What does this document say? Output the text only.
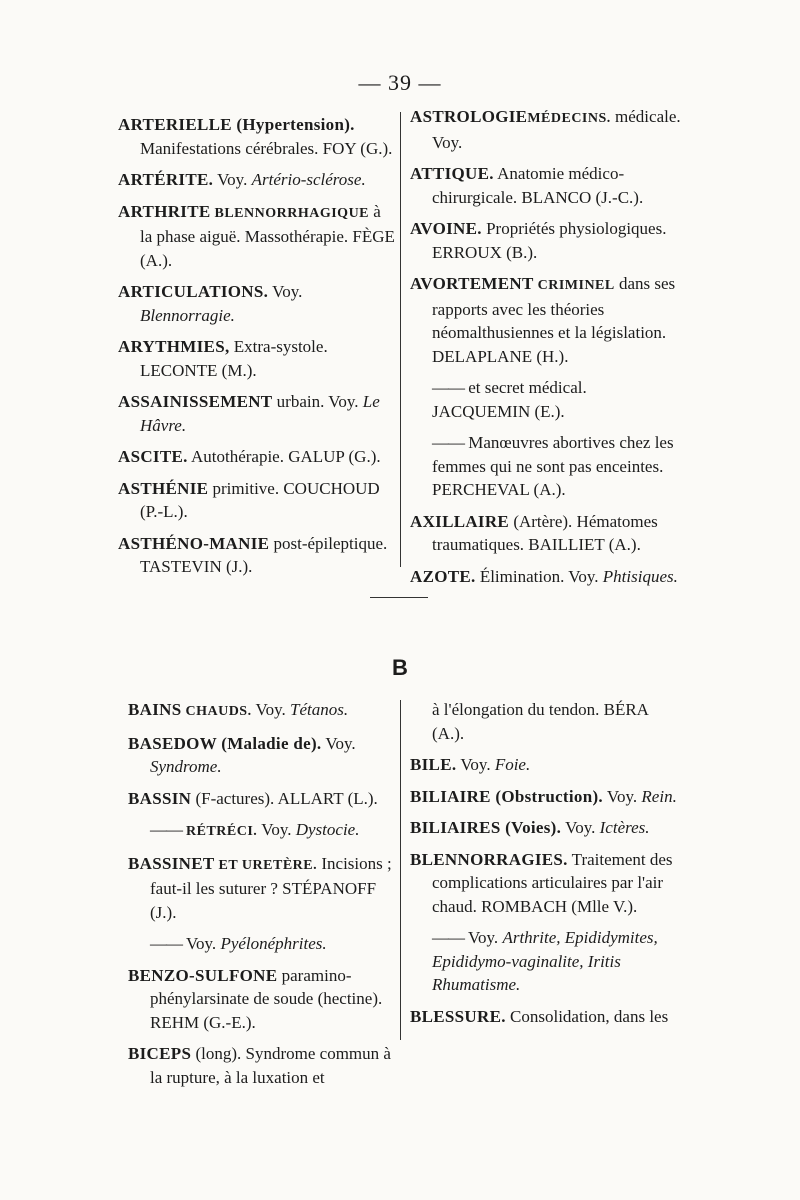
— 39 —
ARTERIELLE (Hypertension). Manifestations cérébrales. FOY (G.).
ARTÉRITE. Voy. Artério-sclérose.
ARTHRITE BLENNORRHAGIQUE à la phase aiguë. Massothérapie. FÈGE (A.).
ARTICULATIONS. Voy. Blennorragie.
ARYTHMIES, Extra-systole. LECONTE (M.).
ASSAINISSEMENT urbain. Voy. Le Hâvre.
ASCITE. Autothérapie. GALUP (G.).
ASTHÉNIE primitive. COUCHOUD (P.-L.).
ASTHÉNO-MANIE post-épileptique. TASTEVIN (J.).
ASTROLOGIEMÉDECINS. médicale. Voy.
ATTIQUE. Anatomie médico-chirurgicale. BLANCO (J.-C.).
AVOINE. Propriétés physiologiques. ERROUX (B.).
AVORTEMENT CRIMINEL dans ses rapports avec les théories néomalthusiennes et la législation. DELAPLANE (H.).
—— et secret médical. JACQUEMIN (E.).
—— Manœuvres abortives chez les femmes qui ne sont pas enceintes. PERCHEVAL (A.).
AXILLAIRE (Artère). Hématomes traumatiques. BAILLIET (A.).
AZOTE. Élimination. Voy. Phtisiques.
B
BAINS CHAUDS. Voy. Tétanos.
BASEDOW (Maladie de). Voy. Syndrome.
BASSIN (F-actures). ALLART (L.).
—— RÉTRÉCI. Voy. Dystocie.
BASSINET ET URETÈRE. Incisions ; faut-il les suturer ? STÉPANOFF (J.).
—— Voy. Pyélonéphrites.
BENZO-SULFONE paramino-phénylarsinate de soude (hectine). REHM (G.-E.).
BICEPS (long). Syndrome commun à la rupture, à la luxation et
à l'élongation du tendon. BÉRA (A.).
BILE. Voy. Foie.
BILIAIRE (Obstruction). Voy. Rein.
BILIAIRES (Voies). Voy. Ictères.
BLENNORRAGIES. Traitement des complications articulaires par l'air chaud. ROMBACH (Mlle V.).
—— Voy. Arthrite, Epididymites, Epididymo-vaginalite, Iritis Rhumatisme.
BLESSURE. Consolidation, dans les
